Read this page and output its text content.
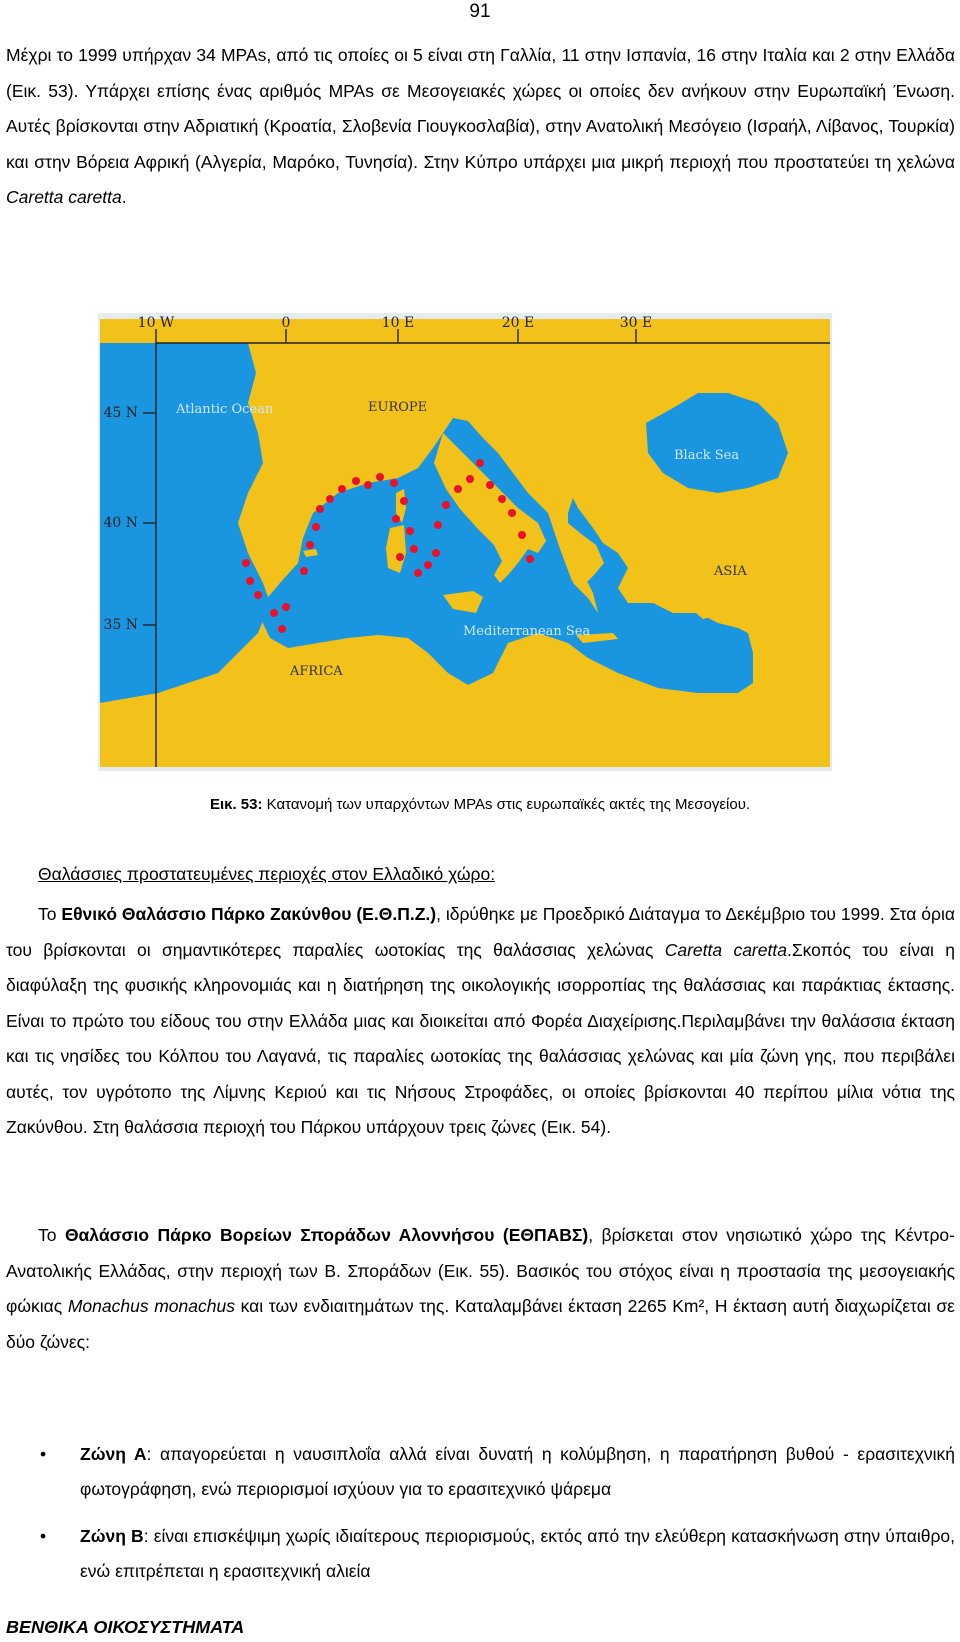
91

Μέχρι το 1999 υπήρχαν 34 MPAs, από τις οποίες οι 5 είναι στη Γαλλία, 11 στην Ισπανία, 16 στην Ιταλία και 2 στην Ελλάδα (Εικ. 53). Υπάρχει επίσης ένας αριθμός MPAs σε Μεσογειακές χώρες οι οποίες δεν ανήκουν στην Ευρωπαϊκή Ένωση. Αυτές βρίσκονται στην Αδριατική (Κροατία, Σλοβενία Γιουγκοσλαβία), στην Ανατολική Μεσόγειο (Ισραήλ, Λίβανος, Τουρκία) και στην Βόρεια Αφρική (Αλγερία, Μαρόκο, Τυνησία). Στην Κύπρο υπάρχει μια μικρή περιοχή που προστατεύει τη χελώνα Caretta caretta.

10 W	0	10 E	20 E	30 E
45 N
40 N
35 N
Atlantic Ocean	EUROPE
Black Sea
ASIA
Mediterranean Sea
AFRICA
Εικ. 53: Κατανομή των υπαρχόντων MPAs στις ευρωπαϊκές ακτές της Μεσογείου.
Θαλάσσιες προστατευμένες περιοχές στον Ελλαδικό χώρο:

Το Εθνικό Θαλάσσιο Πάρκο Ζακύνθου (Ε.Θ.Π.Ζ.), ιδρύθηκε με Προεδρικό Διάταγμα το Δεκέμβριο του 1999. Στα όρια του βρίσκονται οι σημαντικότερες παραλίες ωοτοκίας της θαλάσσιας χελώνας Caretta caretta.Σκοπός του είναι η διαφύλαξη της φυσικής κληρονομιάς και η διατήρηση της οικολογικής ισορροπίας της θαλάσσιας και παράκτιας έκτασης. Είναι το πρώτο του είδους του στην Ελλάδα μιας και διοικείται από Φορέα Διαχείρισης.Περιλαμβάνει την θαλάσσια έκταση και τις νησίδες του Κόλπου του Λαγανά, τις παραλίες ωοτοκίας της θαλάσσιας χελώνας και μία ζώνη γης, που περιβάλει αυτές, τον υγρότοπο της Λίμνης Κεριού και τις Νήσους Στροφάδες, οι οποίες βρίσκονται 40 περίπου μίλια νότια της Ζακύνθου. Στη θαλάσσια περιοχή του Πάρκου υπάρχουν τρεις ζώνες (Εικ. 54).

Το Θαλάσσιο Πάρκο Βορείων Σποράδων Αλοννήσου (ΕΘΠΑΒΣ), βρίσκεται στον νησιωτικό χώρο της Κέντρο-Ανατολικής Ελλάδας, στην περιοχή των Β. Σποράδων (Εικ. 55). Βασικός του στόχος είναι η προστασία της μεσογειακής φώκιας Monachus monachus και των ενδιαιτημάτων της. Καταλαμβάνει έκταση 2265 Km², Η έκταση αυτή διαχωρίζεται σε δύο ζώνες:

• Ζώνη Α: απαγορεύεται η ναυσιπλοΐα αλλά είναι δυνατή η κολύμβηση, η παρατήρηση βυθού - ερασιτεχνική φωτογράφηση, ενώ περιορισμοί ισχύουν για το ερασιτεχνικό ψάρεμα
• Ζώνη Β: είναι επισκέψιμη χωρίς ιδιαίτερους περιορισμούς, εκτός από την ελεύθερη κατασκήνωση στην ύπαιθρο, ενώ επιτρέπεται η ερασιτεχνική αλιεία
ΒΕΝΘΙΚΑ ΟΙΚΟΣΥΣΤΗΜΑΤΑ
